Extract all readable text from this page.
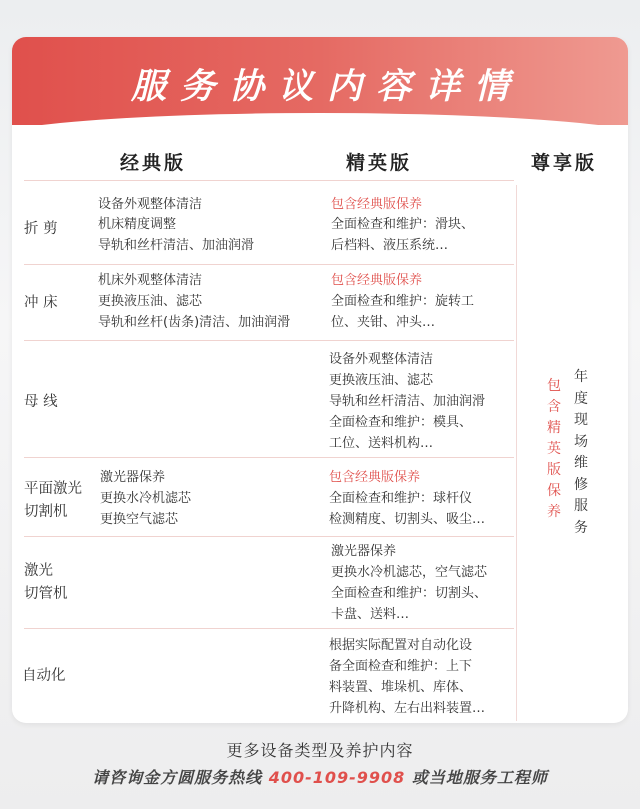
服务协议内容详情
经典版	精英版	尊享版
折 剪
设备外观整体清洁
机床精度调整
导轨和丝杆清洁、加油润滑
包含经典版保养
全面检查和维护：滑块、
后档料、液压系统…
冲 床
机床外观整体清洁
更换液压油、滤芯
导轨和丝杆(齿条)清洁、加油润滑
包含经典版保养
全面检查和维护：旋转工
位、夹钳、冲头…
母 线
设备外观整体清洁
更换液压油、滤芯
导轨和丝杆清洁、加油润滑
全面检查和维护：模具、
工位、送料机构…
平面激光
切割机
激光器保养
更换水冷机滤芯
更换空气滤芯
包含经典版保养
全面检查和维护：球杆仪
检测精度、切割头、吸尘…
激光
切管机
激光器保养
更换水冷机滤芯，空气滤芯
全面检查和维护：切割头、
卡盘、送料…
自动化
根据实际配置对自动化设
备全面检查和维护：上下
料装置、堆垛机、库体、
升降机构、左右出料装置…
包含精英版保养
年度现场维修服务
更多设备类型及养护内容
请咨询金方圆服务热线 400-109-9908 或当地服务工程师
